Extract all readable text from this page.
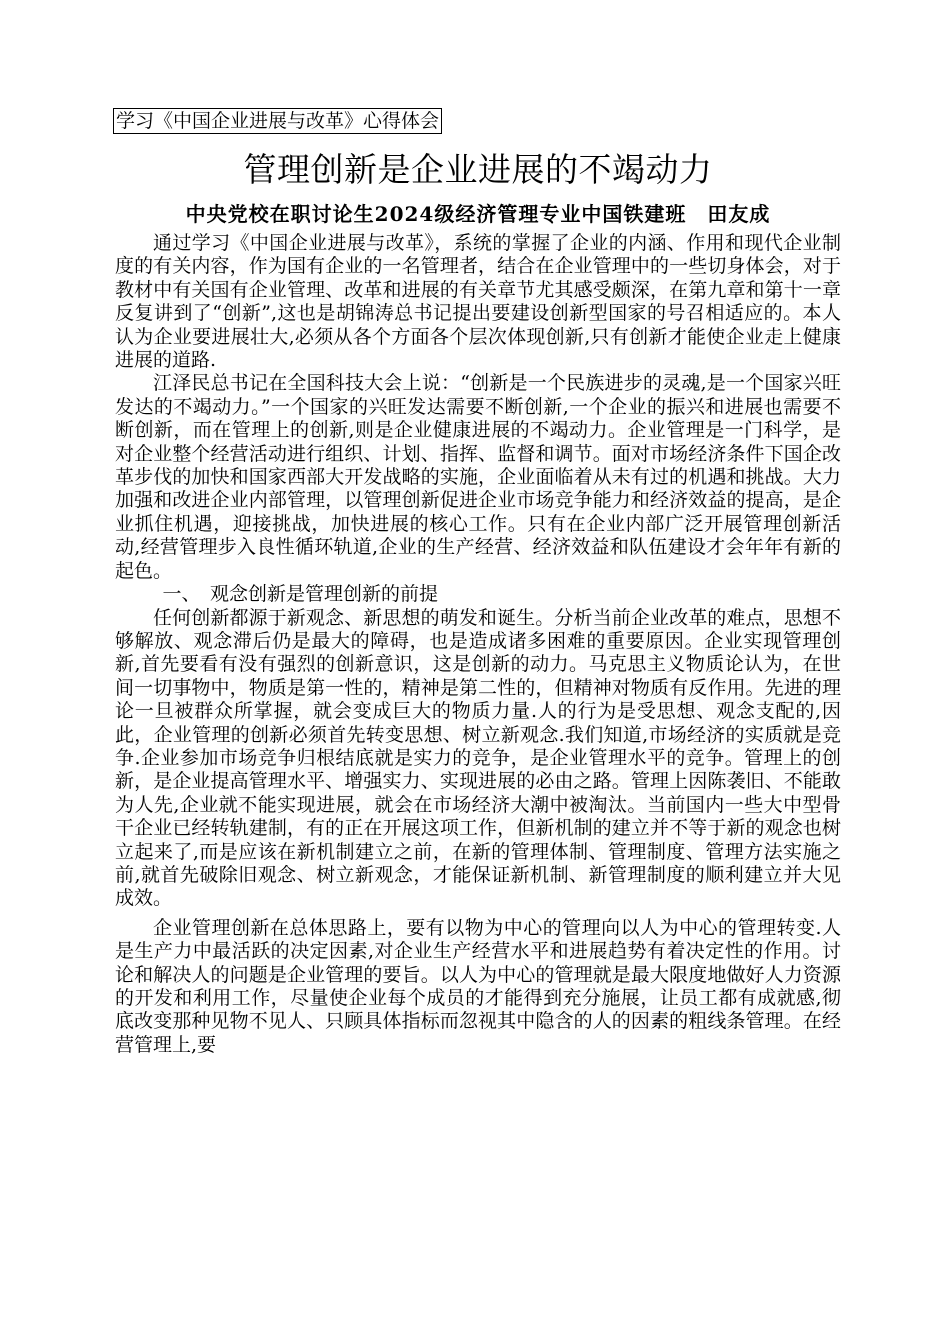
学习《中国企业进展与改革》心得体会
管理创新是企业进展的不竭动力
中央党校在职讨论生2024级经济管理专业中国铁建班　田友成

通过学习《中国企业进展与改革》，系统的掌握了企业的内涵、作用和现代企业制度的有关内容，作为国有企业的一名管理者，结合在企业管理中的一些切身体会，对于教材中有关国有企业管理、改革和进展的有关章节尤其感受颇深，在第九章和第十一章反复讲到了“创新”,这也是胡锦涛总书记提出要建设创新型国家的号召相适应的。本人认为企业要进展壮大,必须从各个方面各个层次体现创新,只有创新才能使企业走上健康进展的道路.

江泽民总书记在全国科技大会上说：“创新是一个民族进步的灵魂,是一个国家兴旺发达的不竭动力。”一个国家的兴旺发达需要不断创新,一个企业的振兴和进展也需要不断创新，而在管理上的创新,则是企业健康进展的不竭动力。企业管理是一门科学，是对企业整个经营活动进行组织、计划、指挥、监督和调节。面对市场经济条件下国企改革步伐的加快和国家西部大开发战略的实施，企业面临着从未有过的机遇和挑战。大力加强和改进企业内部管理，以管理创新促进企业市场竞争能力和经济效益的提高，是企业抓住机遇，迎接挑战，加快进展的核心工作。只有在企业内部广泛开展管理创新活动,经营管理步入良性循环轨道,企业的生产经营、经济效益和队伍建设才会年年有新的起色。

一、　观念创新是管理创新的前提

任何创新都源于新观念、新思想的萌发和诞生。分析当前企业改革的难点，思想不够解放、观念滞后仍是最大的障碍，也是造成诸多困难的重要原因。企业实现管理创新,首先要看有没有强烈的创新意识，这是创新的动力。马克思主义物质论认为，在世间一切事物中，物质是第一性的，精神是第二性的，但精神对物质有反作用。先进的理论一旦被群众所掌握，就会变成巨大的物质力量.人的行为是受思想、观念支配的,因此，企业管理的创新必须首先转变思想、树立新观念.我们知道,市场经济的实质就是竞争.企业参加市场竞争归根结底就是实力的竞争，是企业管理水平的竞争。管理上的创新，是企业提高管理水平、增强实力、实现进展的必由之路。管理上因陈袭旧、不能敢为人先,企业就不能实现进展，就会在市场经济大潮中被淘汰。当前国内一些大中型骨干企业已经转轨建制，有的正在开展这项工作，但新机制的建立并不等于新的观念也树立起来了,而是应该在新机制建立之前，在新的管理体制、管理制度、管理方法实施之前,就首先破除旧观念、树立新观念，才能保证新机制、新管理制度的顺利建立并大见成效。

企业管理创新在总体思路上，要有以物为中心的管理向以人为中心的管理转变.人是生产力中最活跃的决定因素,对企业生产经营水平和进展趋势有着决定性的作用。讨论和解决人的问题是企业管理的要旨。以人为中心的管理就是最大限度地做好人力资源的开发和利用工作，尽量使企业每个成员的才能得到充分施展，让员工都有成就感,彻底改变那种见物不见人、只顾具体指标而忽视其中隐含的人的因素的粗线条管理。在经营管理上,要
